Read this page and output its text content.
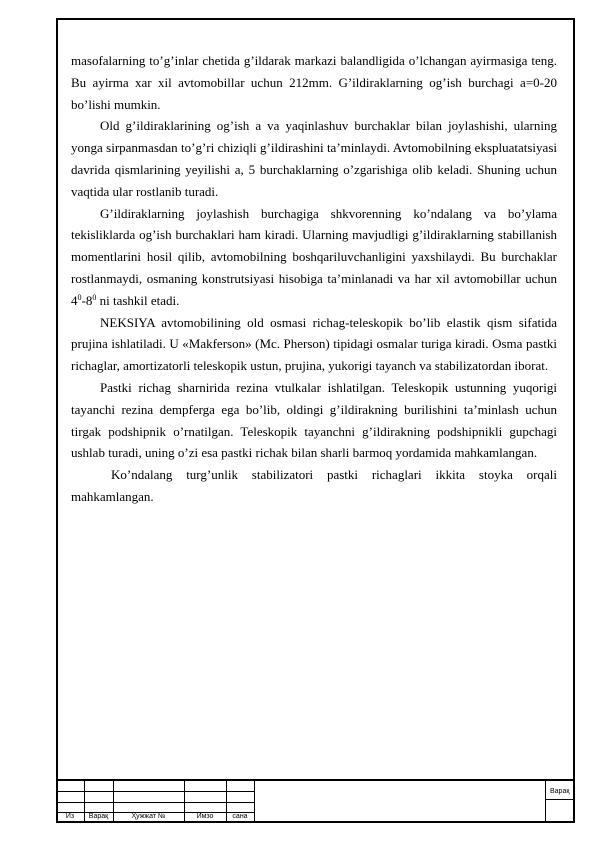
masofalarning to’g’inlar chetida g’ildarak markazi balandligida o’lchangan ayirmasiga teng. Bu ayirma xar xil avtomobillar uchun 212mm. G’ildiraklarning og’ish burchagi a=0-20 bo’lishi mumkin.

Old g’ildiraklarining og’ish a va yaqinlashuv burchaklar bilan joylashishi, ularning yonga sirpanmasdan to’g’ri chiziqli g’ildirashini ta’minlaydi. Avtomobilning ekspluatatsiyasi davrida qismlarining yeyilishi a, 5 burchaklarning o’zgarishiga olib keladi. Shuning uchun vaqtida ular rostlanib turadi.

G’ildiraklarning joylashish burchagiga shkvorenning ko’ndalang va bo’ylama tekisliklarda og’ish burchaklari ham kiradi. Ularning mavjudligi g’ildiraklarning stabillanish momentlarini hosil qilib, avtomobilning boshqariluvchanligini yaxshilaydi. Bu burchaklar rostlanmaydi, osmaning konstrutsiyasi hisobiga ta’minlanadi va har xil avtomobillar uchun $4^0-8^0$ ni tashkil etadi.

NEKSIYA avtomobilining old osmasi richag-teleskopik bo’lib elastik qism sifatida prujina ishlatiladi. U «Makferson» (Mc. Pherson) tipidagi osmalar turiga kiradi. Osma pastki richaglar, amortizatorli teleskopik ustun, prujina, yukorigi tayanch va stabilizatordan iborat.

Pastki richag sharnirida rezina vtulkalar ishlatilgan. Teleskopik ustunning yuqorigi tayanchi rezina dempferga ega bo’lib, oldingi g’ildirakning burilishini ta’minlash uchun tirgak podshipnik o’rnatilgan. Teleskopik tayanchni g’ildirakning podshipnikli gupchagi ushlab turadi, uning o’zi esa pastki richak bilan sharli barmoq yordamida mahkamlangan.

Ko’ndalang turg’unlik stabilizatori pastki richaglari ikkita stoyka orqali mahkamlangan.

Из	Варақ	Ҳужжат №	Имзо	сана
Варақ
